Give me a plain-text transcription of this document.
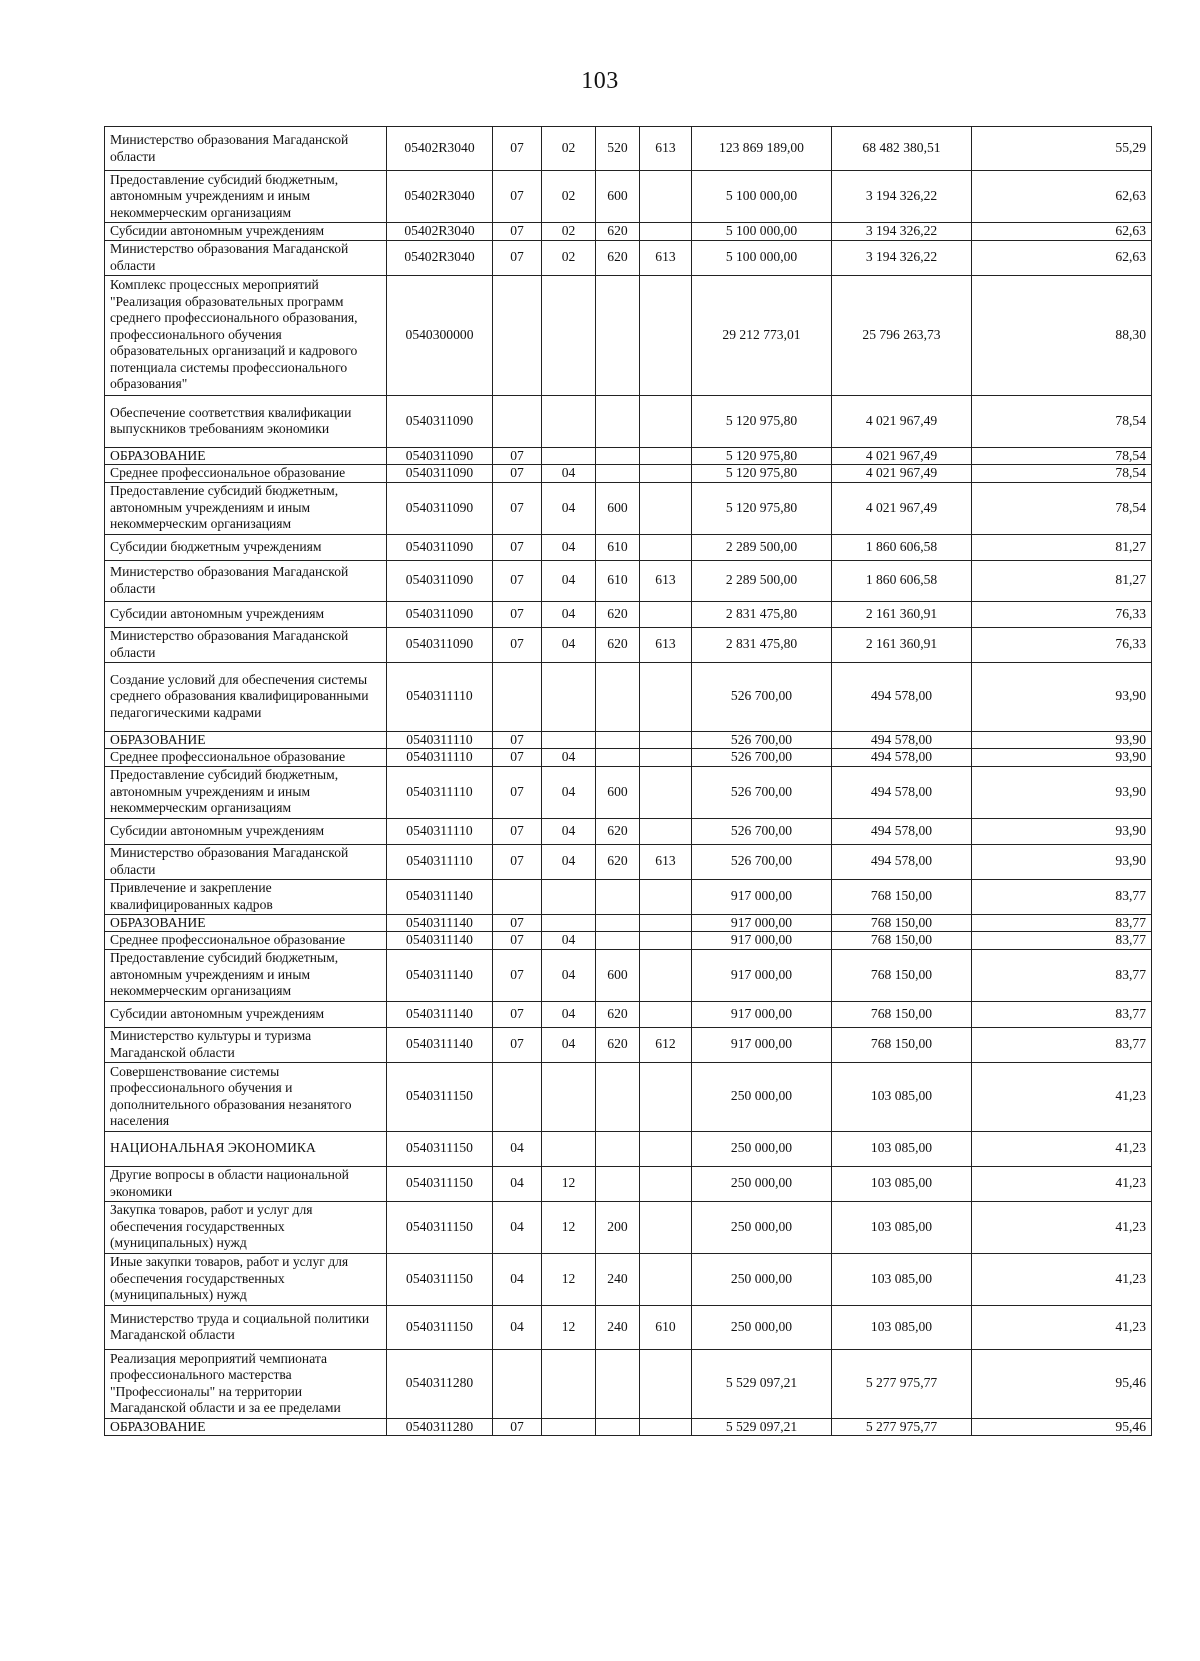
103
Министерство образования Магаданской области	05402R3040	07	02	520	613	123 869 189,00	68 482 380,51	55,29
Предоставление субсидий бюджетным, автономным учреждениям и иным некоммерческим организациям	05402R3040	07	02	600		5 100 000,00	3 194 326,22	62,63
Субсидии автономным учреждениям	05402R3040	07	02	620		5 100 000,00	3 194 326,22	62,63
Министерство образования Магаданской области	05402R3040	07	02	620	613	5 100 000,00	3 194 326,22	62,63
Комплекс процессных мероприятий "Реализация образовательных программ среднего профессионального образования, профессионального обучения образовательных организаций и кадрового потенциала системы профессионального образования"	0540300000					29 212 773,01	25 796 263,73	88,30
Обеспечение соответствия квалификации выпускников требованиям экономики	0540311090					5 120 975,80	4 021 967,49	78,54
ОБРАЗОВАНИЕ	0540311090	07				5 120 975,80	4 021 967,49	78,54
Среднее профессиональное образование	0540311090	07	04			5 120 975,80	4 021 967,49	78,54
Предоставление субсидий бюджетным, автономным учреждениям и иным некоммерческим организациям	0540311090	07	04	600		5 120 975,80	4 021 967,49	78,54
Субсидии бюджетным учреждениям	0540311090	07	04	610		2 289 500,00	1 860 606,58	81,27
Министерство образования Магаданской области	0540311090	07	04	610	613	2 289 500,00	1 860 606,58	81,27
Субсидии автономным учреждениям	0540311090	07	04	620		2 831 475,80	2 161 360,91	76,33
Министерство образования Магаданской области	0540311090	07	04	620	613	2 831 475,80	2 161 360,91	76,33
Создание условий для обеспечения системы среднего образования квалифицированными педагогическими кадрами	0540311110					526 700,00	494 578,00	93,90
ОБРАЗОВАНИЕ	0540311110	07				526 700,00	494 578,00	93,90
Среднее профессиональное образование	0540311110	07	04			526 700,00	494 578,00	93,90
Предоставление субсидий бюджетным, автономным учреждениям и иным некоммерческим организациям	0540311110	07	04	600		526 700,00	494 578,00	93,90
Субсидии автономным учреждениям	0540311110	07	04	620		526 700,00	494 578,00	93,90
Министерство образования Магаданской области	0540311110	07	04	620	613	526 700,00	494 578,00	93,90
Привлечение и закрепление квалифицированных кадров	0540311140					917 000,00	768 150,00	83,77
ОБРАЗОВАНИЕ	0540311140	07				917 000,00	768 150,00	83,77
Среднее профессиональное образование	0540311140	07	04			917 000,00	768 150,00	83,77
Предоставление субсидий бюджетным, автономным учреждениям и иным некоммерческим организациям	0540311140	07	04	600		917 000,00	768 150,00	83,77
Субсидии автономным учреждениям	0540311140	07	04	620		917 000,00	768 150,00	83,77
Министерство культуры и туризма Магаданской области	0540311140	07	04	620	612	917 000,00	768 150,00	83,77
Совершенствование системы профессионального обучения и дополнительного образования незанятого населения	0540311150					250 000,00	103 085,00	41,23
НАЦИОНАЛЬНАЯ ЭКОНОМИКА	0540311150	04				250 000,00	103 085,00	41,23
Другие вопросы в области национальной экономики	0540311150	04	12			250 000,00	103 085,00	41,23
Закупка товаров, работ и услуг для обеспечения государственных (муниципальных) нужд	0540311150	04	12	200		250 000,00	103 085,00	41,23
Иные закупки товаров, работ и услуг для обеспечения государственных (муниципальных) нужд	0540311150	04	12	240		250 000,00	103 085,00	41,23
Министерство труда и социальной политики Магаданской области	0540311150	04	12	240	610	250 000,00	103 085,00	41,23
Реализация мероприятий чемпионата профессионального мастерства "Профессионалы" на территории Магаданской области и за ее пределами	0540311280					5 529 097,21	5 277 975,77	95,46
ОБРАЗОВАНИЕ	0540311280	07				5 529 097,21	5 277 975,77	95,46
